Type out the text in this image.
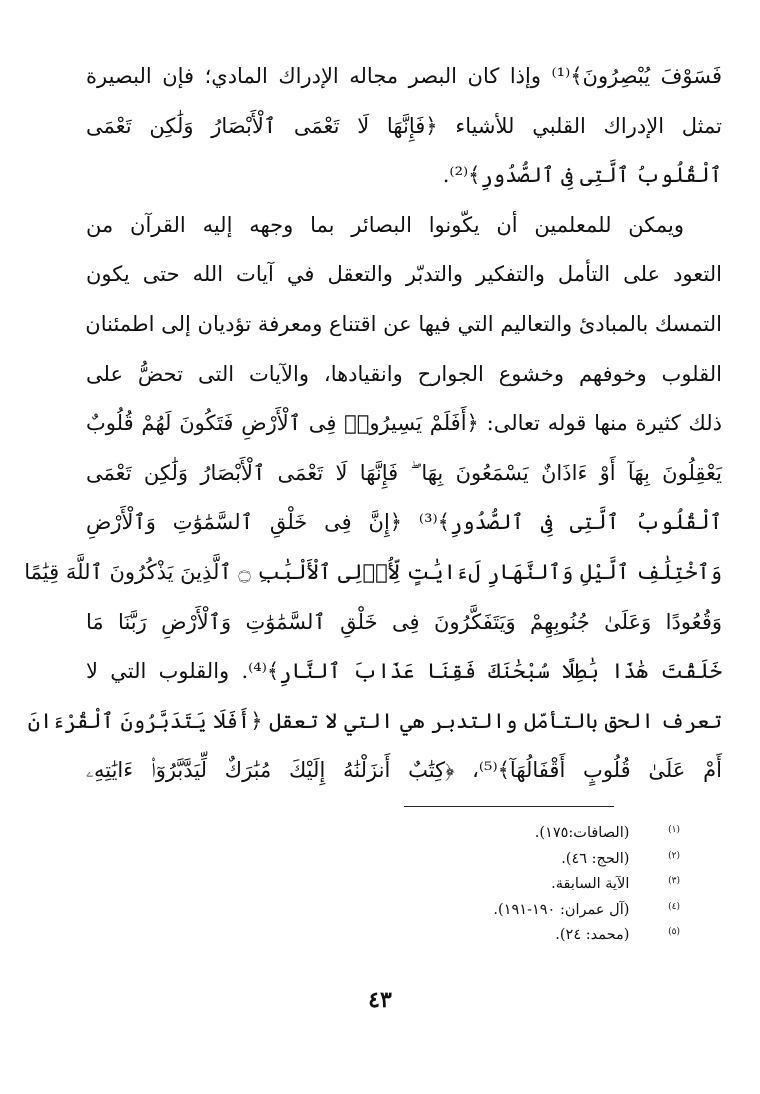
فَسَوْفَ يُبْصِرُونَ﴾⁽¹⁾ وإذا كان البصر مجاله الإدراك المادي؛ فإن البصيرة
تمثل الإدراك القلبي للأشياء ﴿فَإِنَّهَا لَا تَعْمَى ٱلْأَبْصَارُ وَلَٰكِن تَعْمَى
ٱلْقُلُوبُ ٱلَّتِى فِى ٱلصُّدُورِ﴾⁽²⁾.
ويمكن للمعلمين أن يكّونوا البصائر بما وجهه إليه القرآن من
التعود على التأمل والتفكير والتدبّر والتعقل في آيات الله حتى يكون
التمسك بالمبادئ والتعاليم التي فيها عن اقتناع ومعرفة تؤديان إلى اطمئنان
القلوب وخوفهم وخشوع الجوارح وانقيادها، والآيات التى تحضُّ على
ذلك كثيرة منها قوله تعالى: ﴿أَفَلَمْ يَسِيرُوا۟ فِى ٱلْأَرْضِ فَتَكُونَ لَهُمْ قُلُوبٌ
يَعْقِلُونَ بِهَآ أَوْ ءَاذَانٌ يَسْمَعُونَ بِهَا ۖ فَإِنَّهَا لَا تَعْمَى ٱلْأَبْصَارُ وَلَٰكِن تَعْمَى
ٱلْقُلُوبُ ٱلَّتِى فِى ٱلصُّدُورِ﴾⁽³⁾ ﴿إِنَّ فِى خَلْقِ ٱلسَّمَٰوَٰتِ وَٱلْأَرْضِ
وَٱخْتِلَٰفِ ٱلَّيْلِ وَٱلنَّهَارِ لَءَايَٰتٍ لِّأُو۟لِى ٱلْأَلْبَٰبِ ۝ ٱلَّذِينَ يَذْكُرُونَ ٱللَّهَ قِيَٰمًا
وَقُعُودًا وَعَلَىٰ جُنُوبِهِمْ وَيَتَفَكَّرُونَ فِى خَلْقِ ٱلسَّمَٰوَٰتِ وَٱلْأَرْضِ رَبَّنَا مَا
خَلَقْتَ هَٰذَا بَٰطِلًا سُبْحَٰنَكَ فَقِنَا عَذَابَ ٱلنَّارِ﴾⁽⁴⁾. والقلوب التي لا
تعرف الحق بالتأمّل والتدبر هي التي لا تعقل ﴿أَفَلَا يَتَدَبَّرُونَ ٱلْقُرْءَانَ
أَمْ عَلَىٰ قُلُوبٍ أَقْفَالُهَآ﴾⁽⁵⁾، ﴿كِتَٰبٌ أَنزَلْنَٰهُ إِلَيْكَ مُبَٰرَكٌ لِّيَدَّبَّرُوٓا۟ ءَايَٰتِهِۦ
(١) (الصافات:١٧٥).
(٢) (الحج: ٤٦).
(٣) الآية السابقة.
(٤) (آل عمران: ١٩٠-١٩١).
(٥) (محمد: ٢٤).
٤٣
